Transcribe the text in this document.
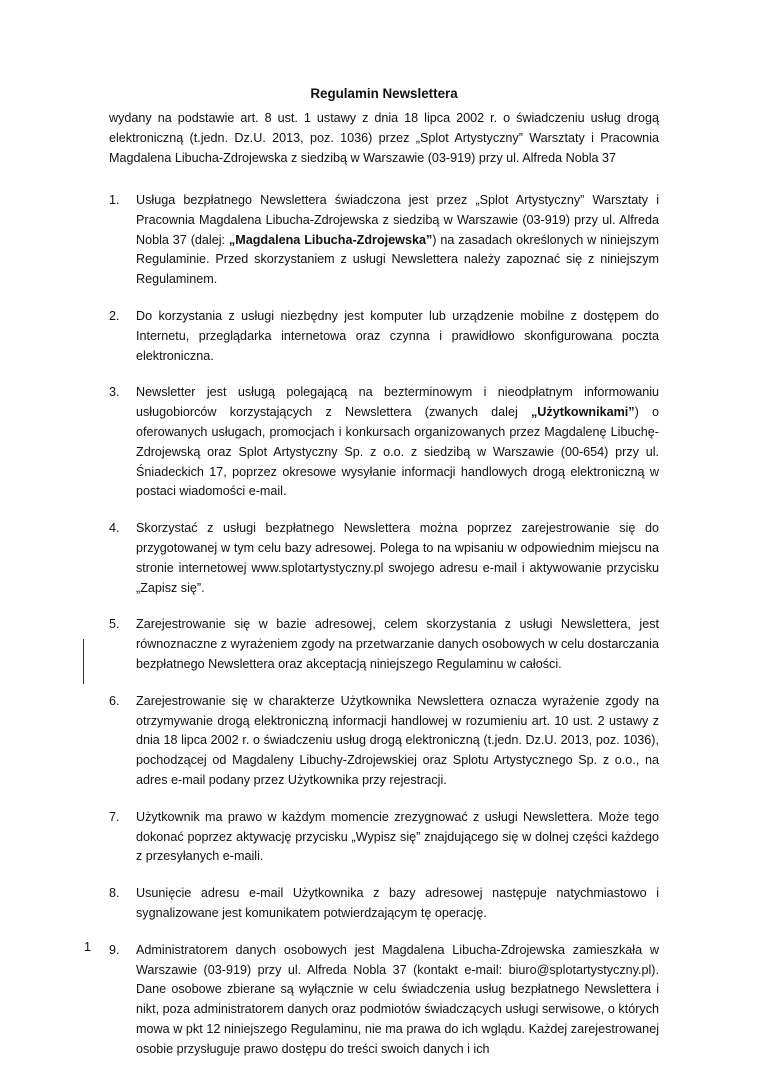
Regulamin Newslettera
wydany na podstawie art. 8 ust. 1 ustawy z dnia 18 lipca 2002 r. o świadczeniu usług drogą elektroniczną (t.jedn. Dz.U. 2013, poz. 1036) przez „Splot Artystyczny” Warsztaty i Pracownia Magdalena Libucha-Zdrojewska z siedzibą w Warszawie (03-919) przy ul. Alfreda Nobla 37
1.	Usługa bezpłatnego Newslettera świadczona jest przez „Splot Artystyczny” Warsztaty i Pracownia Magdalena Libucha-Zdrojewska z siedzibą w Warszawie (03-919) przy ul. Alfreda Nobla 37 (dalej: „Magdalena Libucha-Zdrojewska”) na zasadach określonych w niniejszym Regulaminie. Przed skorzystaniem z usługi Newslettera należy zapoznać się z niniejszym Regulaminem.
2.	Do korzystania z usługi niezbędny jest komputer lub urządzenie mobilne z dostępem do Internetu, przeglądarka internetowa oraz czynna i prawidłowo skonfigurowana poczta elektroniczna.
3.	Newsletter jest usługą polegającą na bezterminowym i nieodpłatnym informowaniu usługobiorców korzystających z Newslettera (zwanych dalej „Użytkownikami”) o oferowanych usługach, promocjach i konkursach organizowanych przez Magdalenę Libuchę-Zdrojewską oraz Splot Artystyczny Sp. z o.o. z siedzibą w Warszawie (00-654) przy ul. Śniadeckich 17, poprzez okresowe wysyłanie informacji handlowych drogą elektroniczną w postaci wiadomości e-mail.
4.	Skorzystać z usługi bezpłatnego Newslettera można poprzez zarejestrowanie się do przygotowanej w tym celu bazy adresowej. Polega to na wpisaniu w odpowiednim miejscu na stronie internetowej www.splotartystyczny.pl swojego adresu e-mail i aktywowanie przycisku „Zapisz się”.
5.	Zarejestrowanie się w bazie adresowej, celem skorzystania z usługi Newslettera, jest równoznaczne z wyrażeniem zgody na przetwarzanie danych osobowych w celu dostarczania bezpłatnego Newslettera oraz akceptacją niniejszego Regulaminu w całości.
6.	Zarejestrowanie się w charakterze Użytkownika Newslettera oznacza wyrażenie zgody na otrzymywanie drogą elektroniczną informacji handlowej w rozumieniu art. 10 ust. 2 ustawy z dnia 18 lipca 2002 r. o świadczeniu usług drogą elektroniczną (t.jedn. Dz.U. 2013, poz. 1036), pochodzącej od Magdaleny Libuchy-Zdrojewskiej oraz Splotu Artystycznego Sp. z o.o., na adres e-mail podany przez Użytkownika przy rejestracji.
7.	Użytkownik ma prawo w każdym momencie zrezygnować z usługi Newslettera. Może tego dokonać poprzez aktywację przycisku „Wypisz się” znajdującego się w dolnej części każdego z przesyłanych e-maili.
8.	Usunięcie adresu e-mail Użytkownika z bazy adresowej następuje natychmiastowo i sygnalizowane jest komunikatem potwierdzającym tę operację.
9.	Administratorem danych osobowych jest Magdalena Libucha-Zdrojewska zamieszkała w Warszawie (03-919) przy ul. Alfreda Nobla 37 (kontakt e-mail: biuro@splotartystyczny.pl). Dane osobowe zbierane są wyłącznie w celu świadczenia usług bezpłatnego Newslettera i nikt, poza administratorem danych oraz podmiotów świadczących usługi serwisowe, o których mowa w pkt 12 niniejszego Regulaminu, nie ma prawa do ich wglądu. Każdej zarejestrowanej osobie przysługuje prawo dostępu do treści swoich danych i ich
1
